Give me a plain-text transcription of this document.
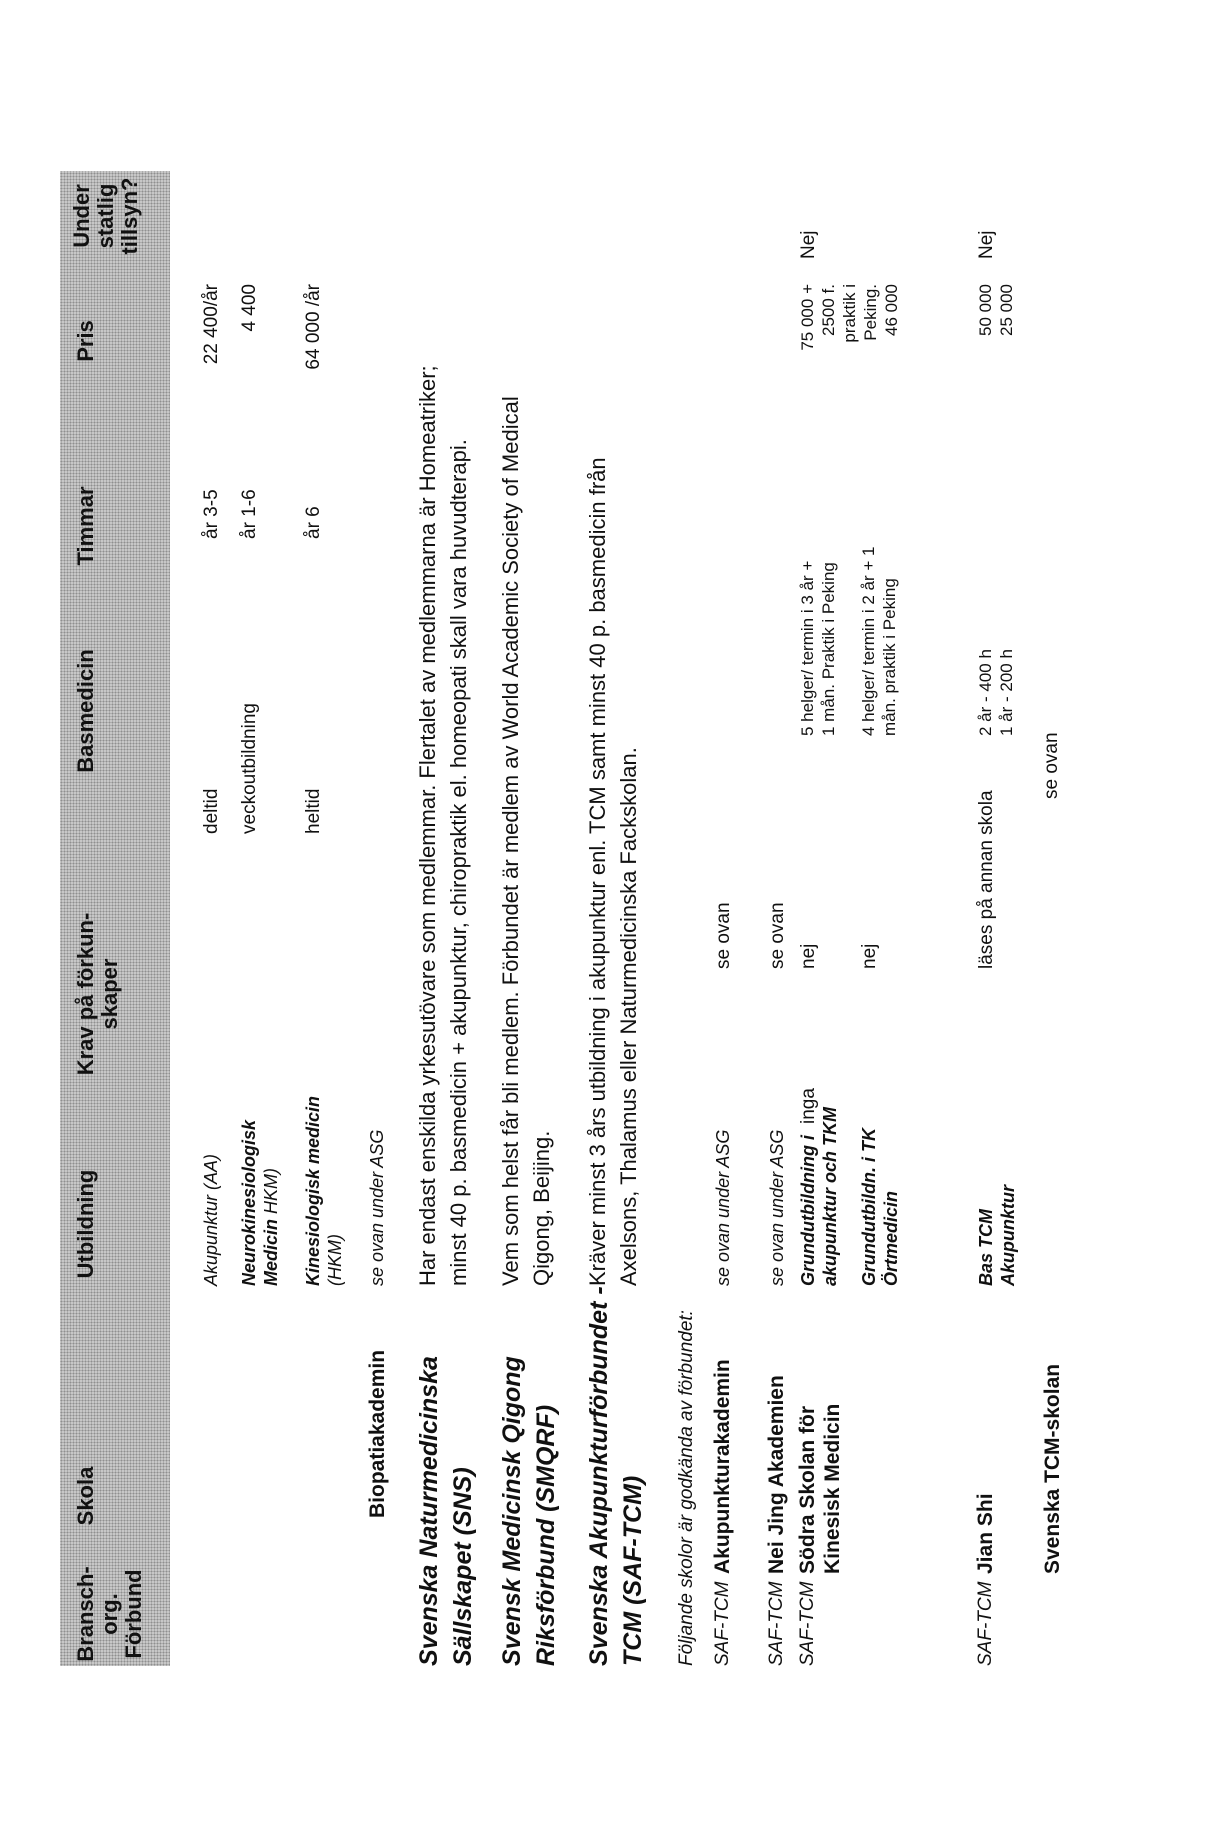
Bransch-
org.
Förbund
Skola
Utbildning
Krav på förkun-
skaper
Basmedicin
Timmar
Pris
Under
statlig
tillsyn?
Akupunktur (AA)
deltid
år 3-5
22 400/år
Neurokinesiologisk Medicin HKM)
veckoutbildning
år 1-6
4 400
Kinesiologisk medicin (HKM)
heltid
år 6
64 000 /år
Biopatiakademin
se ovan under ASG
Svenska Naturmedicinska
Sällskapet (SNS)
Har endast enskilda yrkesutövare som medlemmar. Flertalet av medlemmarna är Homeatriker;
minst 40 p. basmedicin + akupunktur, chiropraktik el. homeopati skall vara huvudterapi.
Svensk Medicinsk Qigong
Riksförbund (SMQRF)
Vem som helst får bli medlem. Förbundet är medlem av World Academic Society of Medical
Qigong, Beijing.
Svenska Akupunkturförbundet -
TCM (SAF-TCM)
Kräver minst 3 års utbildning i akupunktur enl. TCM samt minst 40 p. basmedicin från
Axelsons, Thalamus eller Naturmedicinska Fackskolan.
Följande skolor är godkända av förbundet: SAF-TCM
Akupunkturakademin
se ovan under ASG
se ovan
SAF-TCM
Nei Jing Akademien
se ovan under ASG
se ovan
SAF-TCM
Södra Skolan för
Kinesisk Medicin
Grundutbildning i
akupunktur och TKM
Grundutbildn. i TK
Örtmedicin
inga
nej nej
5 helger/ termin i 3 år +
1 mån. Praktik i Peking
4 helger/ termin i 2 år + 1
mån. praktik i Peking
75 000 +
2500 f.
praktik i
Peking.
46 000
Nej
SAF-TCM
Jian Shi
Bas TCM
Akupunktur
läses på annan skola
2 år - 400 h
1 år - 200 h
50 000
25 000
Nej
Svenska TCM-skolan
se ovan
